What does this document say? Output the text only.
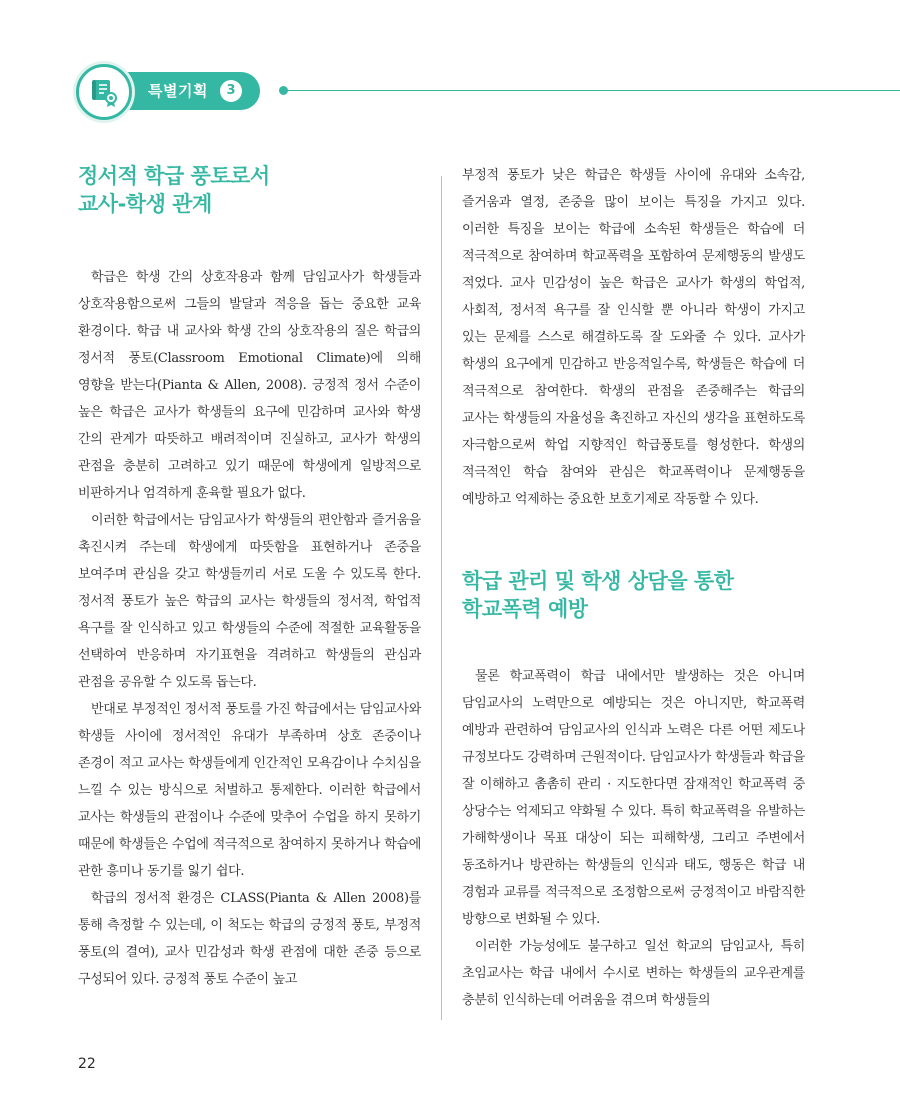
특별기획	3
정서적 학급 풍토로서
교사-학생 관계

학급은 학생 간의 상호작용과 함께 담임교사가 학생들과 상호작용함으로써 그들의 발달과 적응을 돕는 중요한 교육 환경이다. 학급 내 교사와 학생 간의 상호작용의 질은 학급의 정서적 풍토(Classroom Emotional Climate)에 의해 영향을 받는다(Pianta & Allen, 2008). 긍정적 정서 수준이 높은 학급은 교사가 학생들의 요구에 민감하며 교사와 학생 간의 관계가 따뜻하고 배려적이며 진실하고, 교사가 학생의 관점을 충분히 고려하고 있기 때문에 학생에게 일방적으로 비판하거나 엄격하게 훈육할 필요가 없다.

이러한 학급에서는 담임교사가 학생들의 편안함과 즐거움을 촉진시켜 주는데 학생에게 따뜻함을 표현하거나 존중을 보여주며 관심을 갖고 학생들끼리 서로 도울 수 있도록 한다. 정서적 풍토가 높은 학급의 교사는 학생들의 정서적, 학업적 욕구를 잘 인식하고 있고 학생들의 수준에 적절한 교육활동을 선택하여 반응하며 자기표현을 격려하고 학생들의 관심과 관점을 공유할 수 있도록 돕는다.

반대로 부정적인 정서적 풍토를 가진 학급에서는 담임교사와 학생들 사이에 정서적인 유대가 부족하며 상호 존중이나 존경이 적고 교사는 학생들에게 인간적인 모욕감이나 수치심을 느낄 수 있는 방식으로 처벌하고 통제한다. 이러한 학급에서 교사는 학생들의 관점이나 수준에 맞추어 수업을 하지 못하기 때문에 학생들은 수업에 적극적으로 참여하지 못하거나 학습에 관한 흥미나 동기를 잃기 쉽다.

학급의 정서적 환경은 CLASS(Pianta & Allen 2008)를 통해 측정할 수 있는데, 이 척도는 학급의 긍정적 풍토, 부정적 풍토(의 결여), 교사 민감성과 학생 관점에 대한 존중 등으로 구성되어 있다. 긍정적 풍토 수준이 높고

부정적 풍토가 낮은 학급은 학생들 사이에 유대와 소속감, 즐거움과 열정, 존중을 많이 보이는 특징을 가지고 있다. 이러한 특징을 보이는 학급에 소속된 학생들은 학습에 더 적극적으로 참여하며 학교폭력을 포함하여 문제행동의 발생도 적었다. 교사 민감성이 높은 학급은 교사가 학생의 학업적, 사회적, 정서적 욕구를 잘 인식할 뿐 아니라 학생이 가지고 있는 문제를 스스로 해결하도록 잘 도와줄 수 있다. 교사가 학생의 요구에게 민감하고 반응적일수록, 학생들은 학습에 더 적극적으로 참여한다. 학생의 관점을 존중해주는 학급의 교사는 학생들의 자율성을 촉진하고 자신의 생각을 표현하도록 자극함으로써 학업 지향적인 학급풍토를 형성한다. 학생의 적극적인 학습 참여와 관심은 학교폭력이나 문제행동을 예방하고 억제하는 중요한 보호기제로 작동할 수 있다.

학급 관리 및 학생 상담을 통한
학교폭력 예방

물론 학교폭력이 학급 내에서만 발생하는 것은 아니며 담임교사의 노력만으로 예방되는 것은 아니지만, 학교폭력 예방과 관련하여 담임교사의 인식과 노력은 다른 어떤 제도나 규정보다도 강력하며 근원적이다. 담임교사가 학생들과 학급을 잘 이해하고 촘촘히 관리 · 지도한다면 잠재적인 학교폭력 중 상당수는 억제되고 약화될 수 있다. 특히 학교폭력을 유발하는 가해학생이나 목표 대상이 되는 피해학생, 그리고 주변에서 동조하거나 방관하는 학생들의 인식과 태도, 행동은 학급 내 경험과 교류를 적극적으로 조정함으로써 긍정적이고 바람직한 방향으로 변화될 수 있다.

이러한 가능성에도 불구하고 일선 학교의 담임교사, 특히 초임교사는 학급 내에서 수시로 변하는 학생들의 교우관계를 충분히 인식하는데 어려움을 겪으며 학생들의

22
